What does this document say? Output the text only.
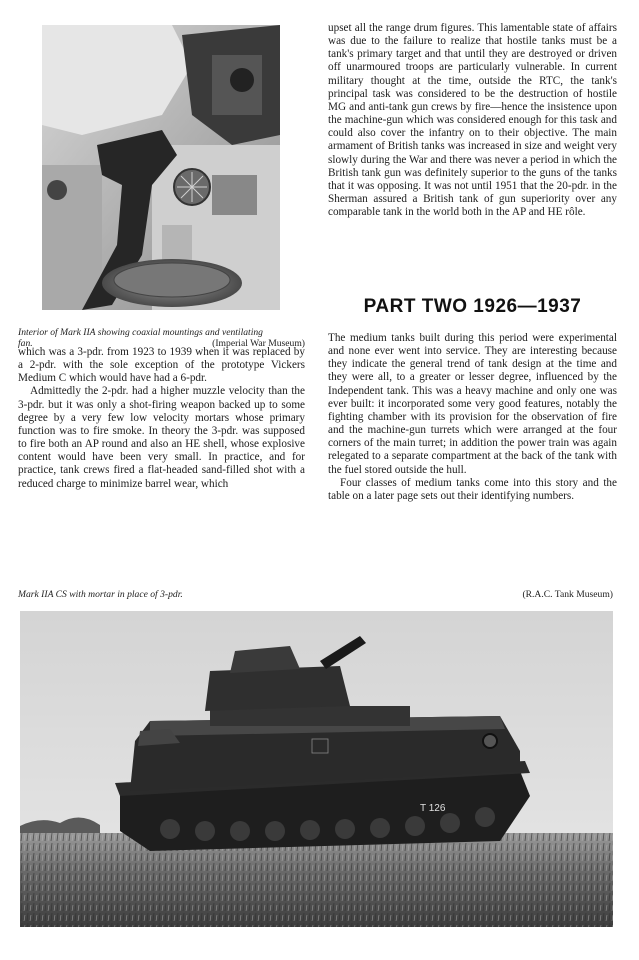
Interior of Mark IIA showing coaxial mountings and ventilating
fan.	(Imperial War Museum)

which was a 3-pdr. from 1923 to 1939 when it was replaced by a 2-pdr. with the sole exception of the prototype Vickers Medium C which would have had a 6-pdr.

Admittedly the 2-pdr. had a higher muzzle velocity than the 3-pdr. but it was only a shot-firing weapon backed up to some degree by a very few low velocity mortars whose primary function was to fire smoke. In theory the 3-pdr. was supposed to fire both an AP round and also an HE shell, whose explosive content would have been very small. In practice, and for practice, tank crews fired a flat-headed sand-filled shot with a reduced charge to minimize barrel wear, which

upset all the range drum figures. This lamentable state of affairs was due to the failure to realize that hostile tanks must be a tank's primary target and that until they are destroyed or driven off unarmoured troops are particularly vulnerable. In current military thought at the time, outside the RTC, the tank's principal task was considered to be the destruction of hostile MG and anti-tank gun crews by fire—hence the insistence upon the machine-gun which was considered enough for this task and could also cover the infantry on to their objective. The main armament of British tanks was increased in size and weight very slowly during the War and there was never a period in which the British tank gun was definitely superior to the guns of the tanks that it was opposing. It was not until 1951 that the 20-pdr. in the Sherman assured a British tank of gun superiority over any comparable tank in the world both in the AP and HE rôle.

PART TWO 1926—1937

The medium tanks built during this period were experimental and none ever went into service. They are interesting because they indicate the general trend of tank design at the time and they were all, to a greater or lesser degree, influenced by the Independent tank. This was a heavy machine and only one was ever built: it incorporated some very good features, notably the fighting chamber with its provision for the observation of fire and the machine-gun turrets which were arranged at the four corners of the main turret; in addition the power train was again relegated to a separate compartment at the back of the tank with the fuel stored outside the hull.

Four classes of medium tanks come into this story and the table on a later page sets out their identifying numbers.

Mark IIA CS with mortar in place of 3-pdr.	(R.A.C. Tank Museum)
T 126
